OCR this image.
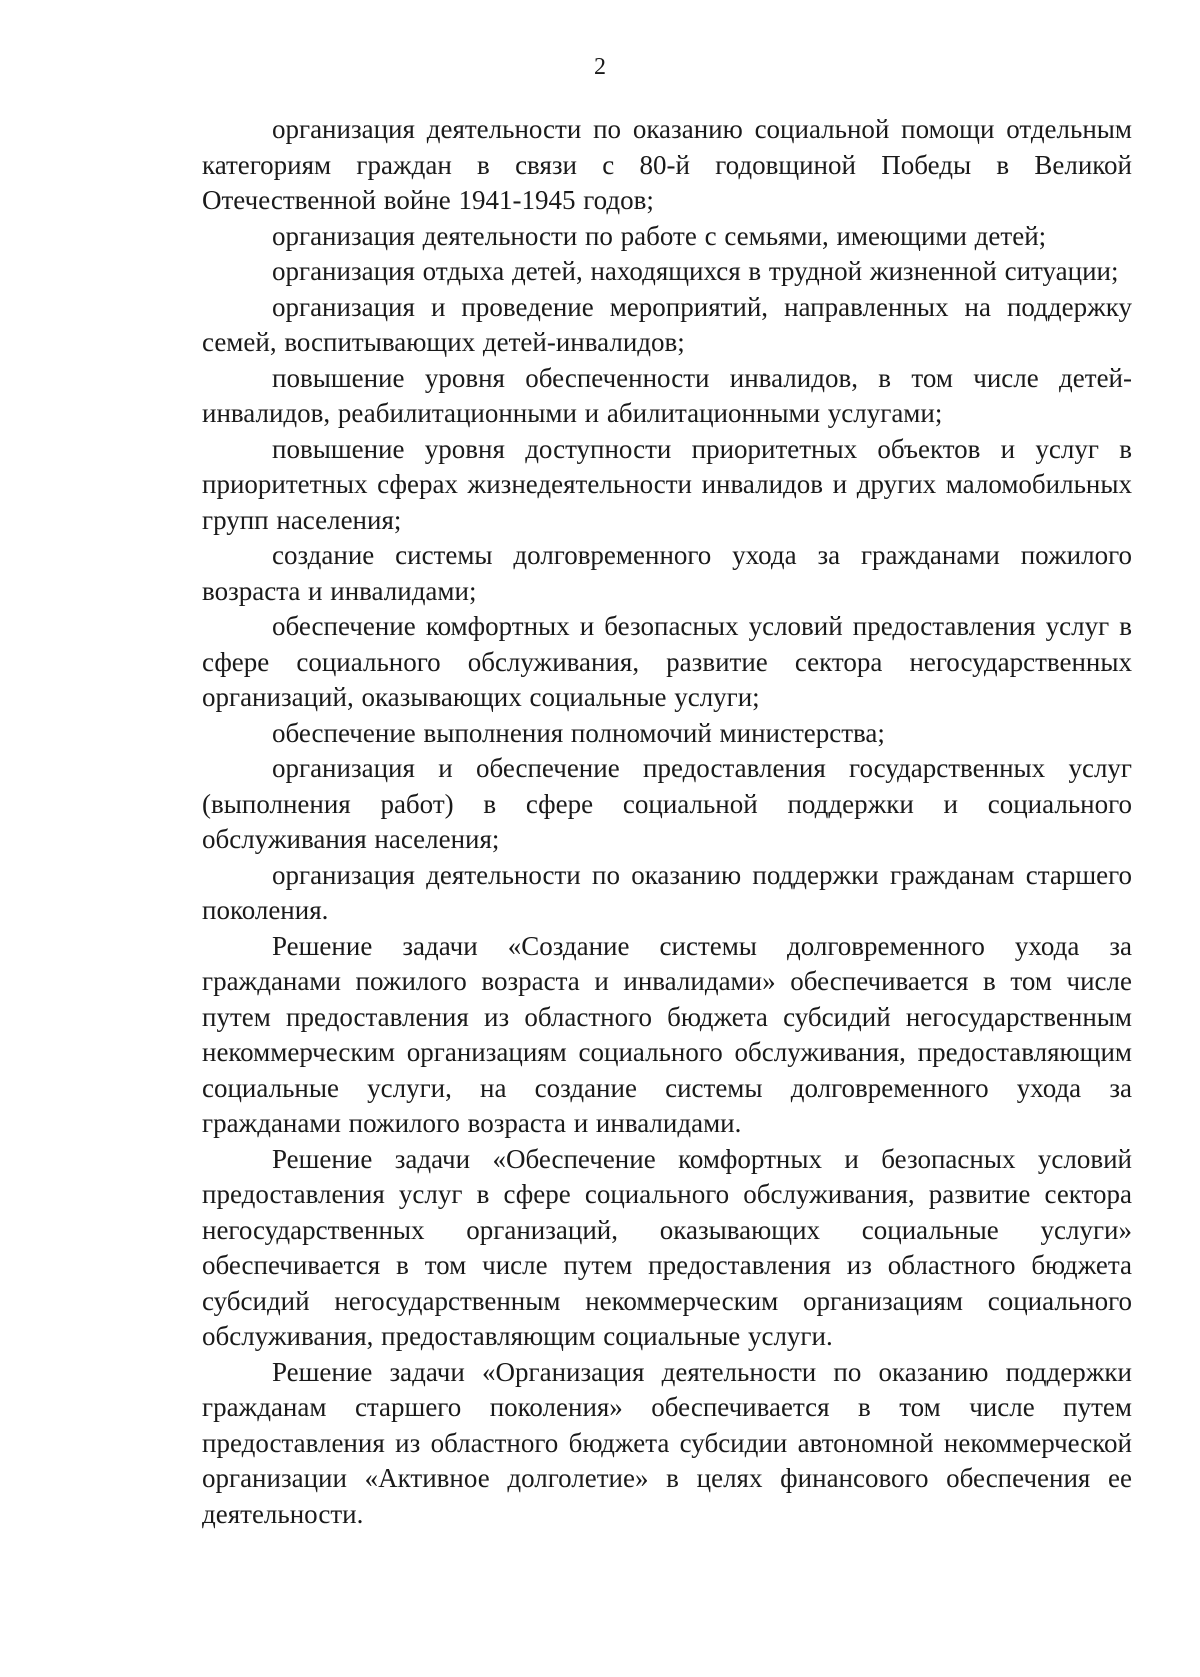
2

организация деятельности по оказанию социальной помощи отдельным категориям граждан в связи с 80-й годовщиной Победы в Великой Отечественной войне 1941-1945 годов;

организация деятельности по работе с семьями, имеющими детей;

организация отдыха детей, находящихся в трудной жизненной ситуации;

организация и проведение мероприятий, направленных на поддержку семей, воспитывающих детей-инвалидов;

повышение уровня обеспеченности инвалидов, в том числе детей-инвалидов, реабилитационными и абилитационными услугами;

повышение уровня доступности приоритетных объектов и услуг в приоритетных сферах жизнедеятельности инвалидов и других маломобильных групп населения;

создание системы долговременного ухода за гражданами пожилого возраста и инвалидами;

обеспечение комфортных и безопасных условий предоставления услуг в сфере социального обслуживания, развитие сектора негосударственных организаций, оказывающих социальные услуги;

обеспечение выполнения полномочий министерства;

организация и обеспечение предоставления государственных услуг (выполнения работ) в сфере социальной поддержки и социального обслуживания населения;

организация деятельности по оказанию поддержки гражданам старшего поколения.

Решение задачи «Создание системы долговременного ухода за гражданами пожилого возраста и инвалидами» обеспечивается в том числе путем предоставления из областного бюджета субсидий негосударственным некоммерческим организациям социального обслуживания, предоставляющим социальные услуги, на создание системы долговременного ухода за гражданами пожилого возраста и инвалидами.

Решение задачи «Обеспечение комфортных и безопасных условий предоставления услуг в сфере социального обслуживания, развитие сектора негосударственных организаций, оказывающих социальные услуги» обеспечивается в том числе путем предоставления из областного бюджета субсидий негосударственным некоммерческим организациям социального обслуживания, предоставляющим социальные услуги.

Решение задачи «Организация деятельности по оказанию поддержки гражданам старшего поколения» обеспечивается в том числе путем предоставления из областного бюджета субсидии автономной некоммерческой организации «Активное долголетие» в целях финансового обеспечения ее деятельности.
